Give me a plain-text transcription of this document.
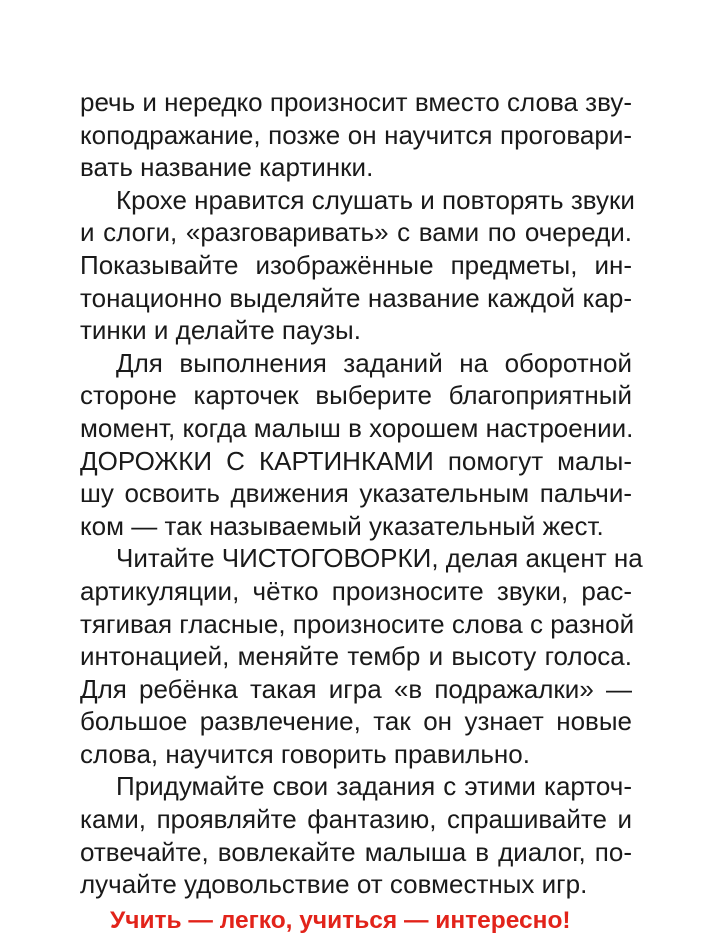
речь и нередко произносит вместо слова зву-
коподражание, позже он научится проговари-
вать название картинки.
Крохе нравится слушать и повторять звуки
и слоги, «разговаривать» с вами по очереди.
Показывайте изображённые предметы, ин-
тонационно выделяйте название каждой кар-
тинки и делайте паузы.
Для выполнения заданий на оборотной
стороне карточек выберите благоприятный
момент, когда малыш в хорошем настроении.
ДОРОЖКИ С КАРТИНКАМИ помогут малы-
шу освоить движения указательным пальчи-
ком — так называемый указательный жест.
Читайте ЧИСТОГОВОРКИ, делая акцент на
артикуляции, чётко произносите звуки, рас-
тягивая гласные, произносите слова с разной
интонацией, меняйте тембр и высоту голоса.
Для ребёнка такая игра «в подражалки» —
большое развлечение, так он узнает новые
слова, научится говорить правильно.
Придумайте свои задания с этими карточ-
ками, проявляйте фантазию, спрашивайте и
отвечайте, вовлекайте малыша в диалог, по-
лучайте удовольствие от совместных игр.
Учить — легко, учиться — интересно!
